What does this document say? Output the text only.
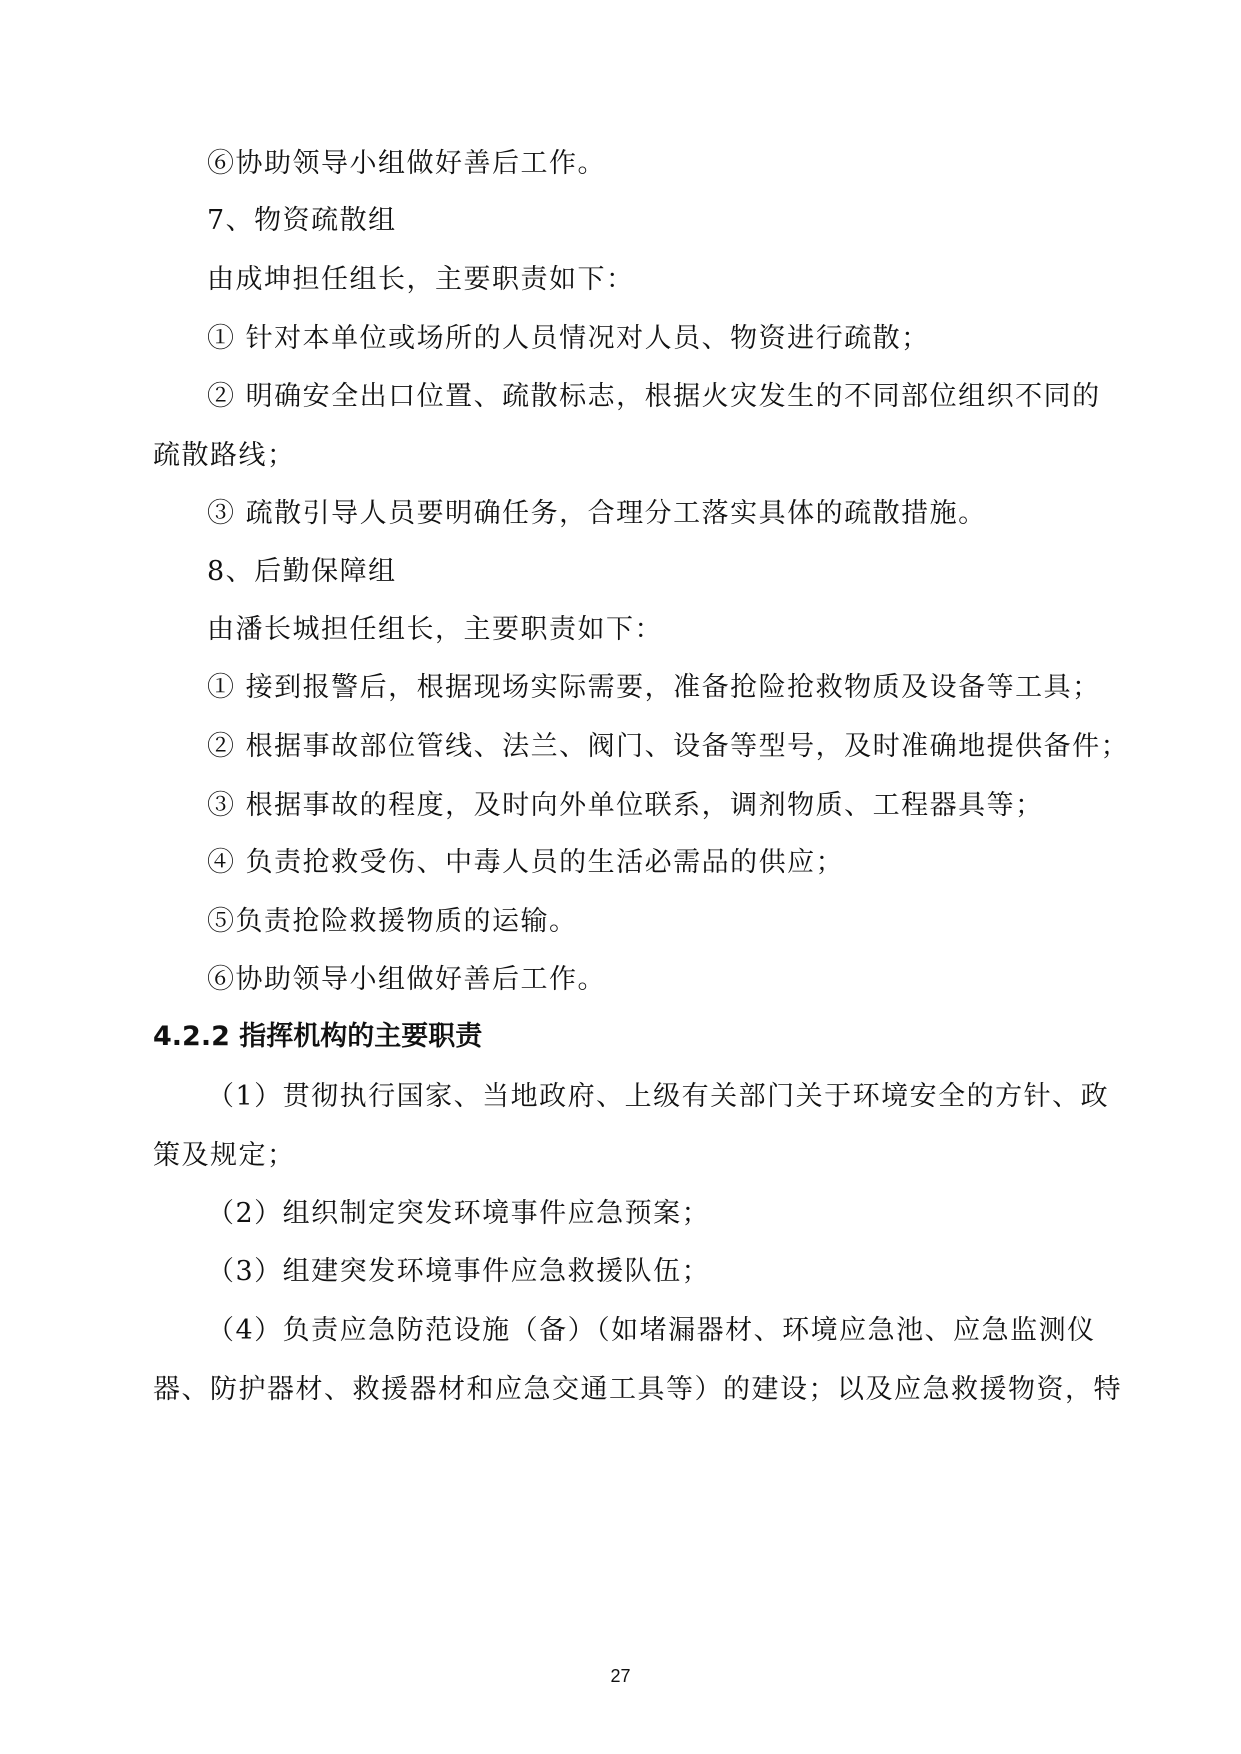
⑥协助领导小组做好善后工作。
7、物资疏散组
由成坤担任组长，主要职责如下：
① 针对本单位或场所的人员情况对人员、物资进行疏散；
② 明确安全出口位置、疏散标志，根据火灾发生的不同部位组织不同的
疏散路线；
③ 疏散引导人员要明确任务，合理分工落实具体的疏散措施。
8、后勤保障组
由潘长城担任组长，主要职责如下：
① 接到报警后，根据现场实际需要，准备抢险抢救物质及设备等工具；
② 根据事故部位管线、法兰、阀门、设备等型号，及时准确地提供备件；
③ 根据事故的程度，及时向外单位联系，调剂物质、工程器具等；
④ 负责抢救受伤、中毒人员的生活必需品的供应；
⑤负责抢险救援物质的运输。
⑥协助领导小组做好善后工作。
4.2.2 指挥机构的主要职责
（1）贯彻执行国家、当地政府、上级有关部门关于环境安全的方针、政
策及规定；
（2）组织制定突发环境事件应急预案；
（3）组建突发环境事件应急救援队伍；
（4）负责应急防范设施（备）（如堵漏器材、环境应急池、应急监测仪
器、防护器材、救援器材和应急交通工具等）的建设；以及应急救援物资，特
27
